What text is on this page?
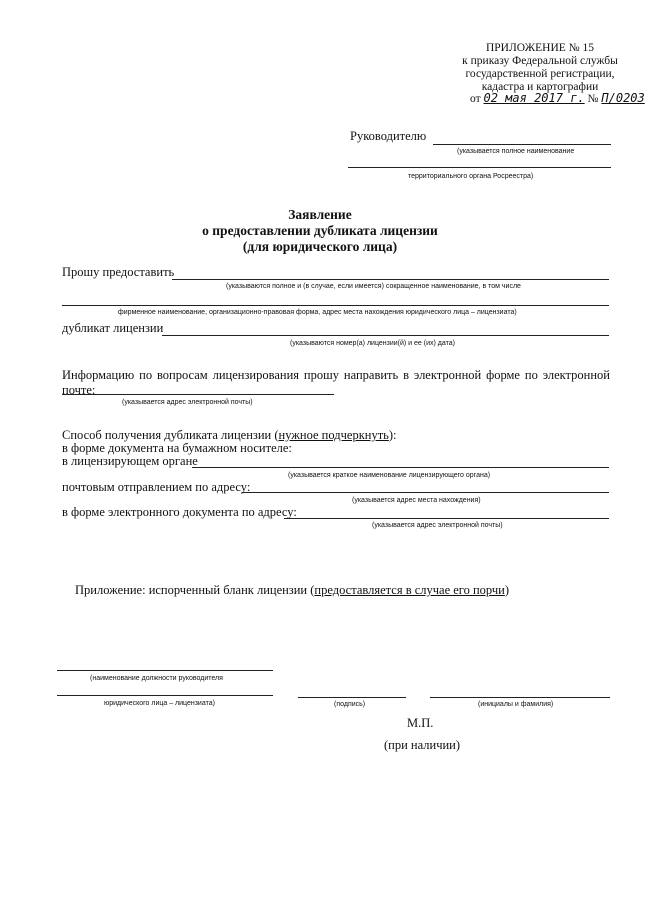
ПРИЛОЖЕНИЕ № 15
к приказу Федеральной службы
государственной регистрации,
кадастра и картографии
от 02 мая 2017 г. № П/0203
Руководителю
(указывается полное наименование
территориального органа Росреестра)
Заявление
о предоставлении дубликата лицензии
(для юридического лица)
Прошу предоставить
(указываются полное и (в случае, если имеется) сокращенное наименование, в том числе
фирменное наименование, организационно-правовая форма, адрес места нахождения юридического лица – лицензиата)
дубликат лицензии
(указываются номер(а) лицензии(й) и ее (их) дата)
Информацию по вопросам лицензирования прошу направить в электронной форме по электронной почте:
(указывается адрес электронной почты)
Способ получения дубликата лицензии (нужное подчеркнуть):
в форме документа на бумажном носителе:
в лицензирующем органе
(указывается краткое наименование лицензирующего органа)
почтовым отправлением по адресу:
(указывается адрес места нахождения)
в форме электронного документа по адресу:
(указывается адрес электронной почты)
Приложение: испорченный бланк лицензии (предоставляется в случае его порчи)
(наименование должности руководителя
юридического лица – лицензиата)	(подпись)	(инициалы и фамилия)
М.П.
(при наличии)
